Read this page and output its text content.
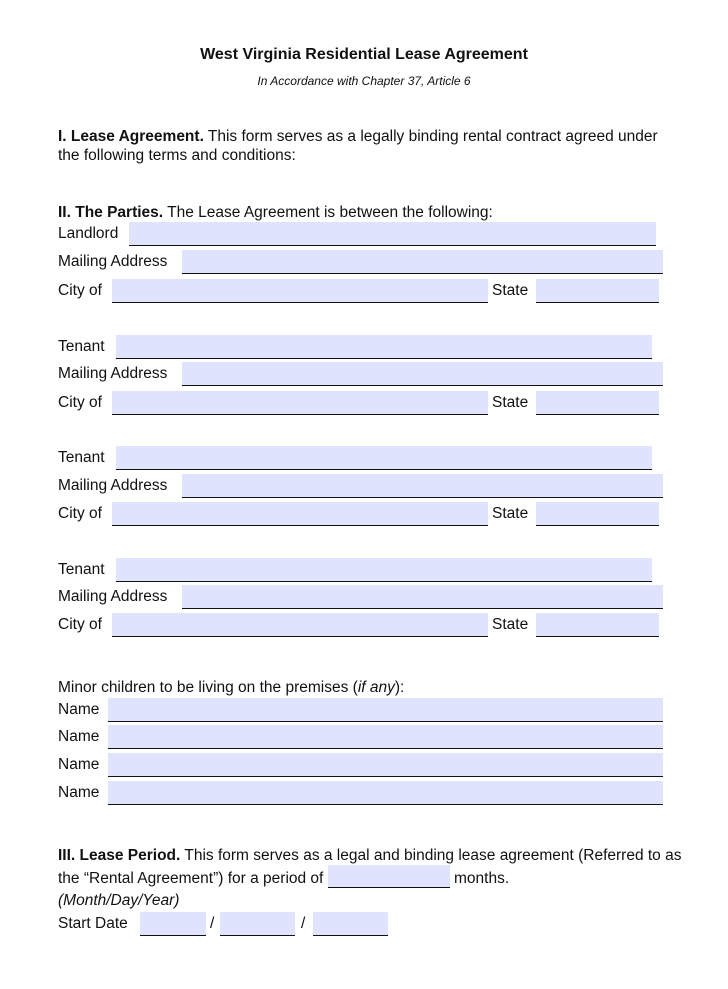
West Virginia Residential Lease Agreement
In Accordance with Chapter 37, Article 6
I. Lease Agreement. This form serves as a legally binding rental contract agreed under the following terms and conditions:
II. The Parties. The Lease Agreement is between the following:
Landlord
Mailing Address
City of	State
Tenant
Mailing Address
City of	State
Tenant
Mailing Address
City of	State
Tenant
Mailing Address
City of	State
Minor children to be living on the premises (if any):
Name
Name
Name
Name
III. Lease Period. This form serves as a legal and binding lease agreement (Referred to as the “Rental Agreement”) for a period of	months.
(Month/Day/Year)
Start Date	/	/
